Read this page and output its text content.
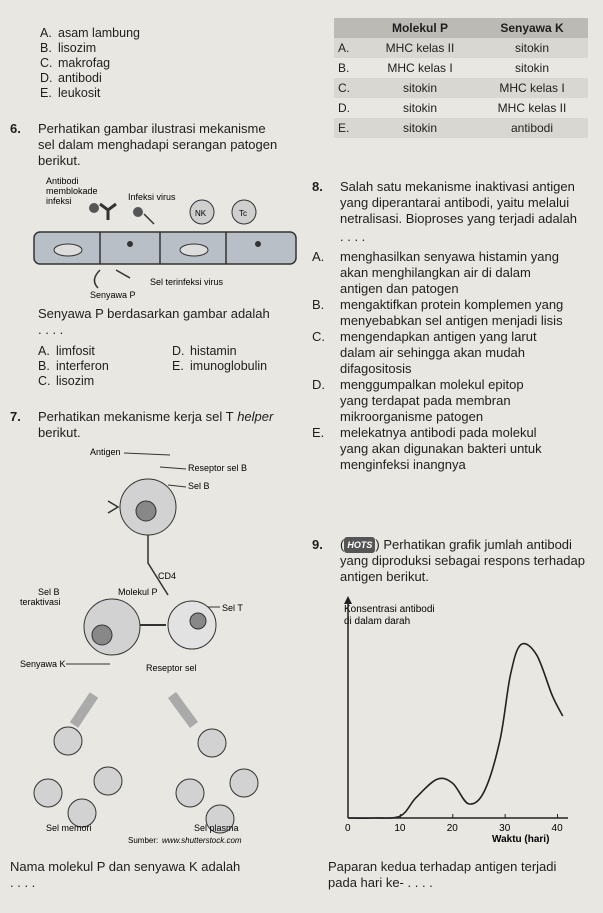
A. asam lambung
B. lisozim
C. makrofag
D. antibodi
E. leukosit
	Molekul P	Senyawa K
A.	MHC kelas II	sitokin
B.	MHC kelas I	sitokin
C.	sitokin	MHC kelas I
D.	sitokin	MHC kelas II
E.	sitokin	antibodi
6.	Perhatikan gambar ilustrasi mekanisme
sel dalam menghadapi serangan patogen
berikut.
Antibodi
memblokade
infeksi	Infeksi virus
NK	Tc
Sel terinfeksi virus
Senyawa P
Senyawa P berdasarkan gambar adalah
. . . .
A. limfosit
B. interferon
C. lisozim
D. histamin
E. imunoglobulin
7.	Perhatikan mekanisme kerja sel T
helper
berikut.
Antigen
Reseptor sel B
Sel B
CD4
Sel B
teraktivasi
Molekul P
Sel T
Senyawa K	Reseptor sel
Sel memori	Sel plasma
Sumber: www.shutterstock.com
Nama molekul P dan senyawa K adalah
. . . .
8.	Salah satu mekanisme inaktivasi antigen
yang diperantarai antibodi, yaitu melalui
netralisasi. Bioproses yang terjadi adalah
. . . .
A.	menghasilkan senyawa histamin yang
akan menghilangkan air di dalam
antigen dan patogen
B.	mengaktifkan protein komplemen yang
menyebabkan sel antigen menjadi lisis
C.	mengendapkan antigen yang larut
dalam air sehingga akan mudah
difagositosis
D.	menggumpalkan molekul epitop
yang terdapat pada membran
mikroorganisme patogen
E.	melekatnya antibodi pada molekul
yang akan digunakan bakteri untuk
menginfeksi inangnya
9.	( HOTS ) Perhatikan grafik jumlah antibodi
yang diproduksi sebagai respons terhadap
antigen berikut.
Konsentrasi antibodi
di dalam darah
0	10	20	30	40
Waktu (hari)
Paparan kedua terhadap antigen terjadi
pada hari ke- . . . .
